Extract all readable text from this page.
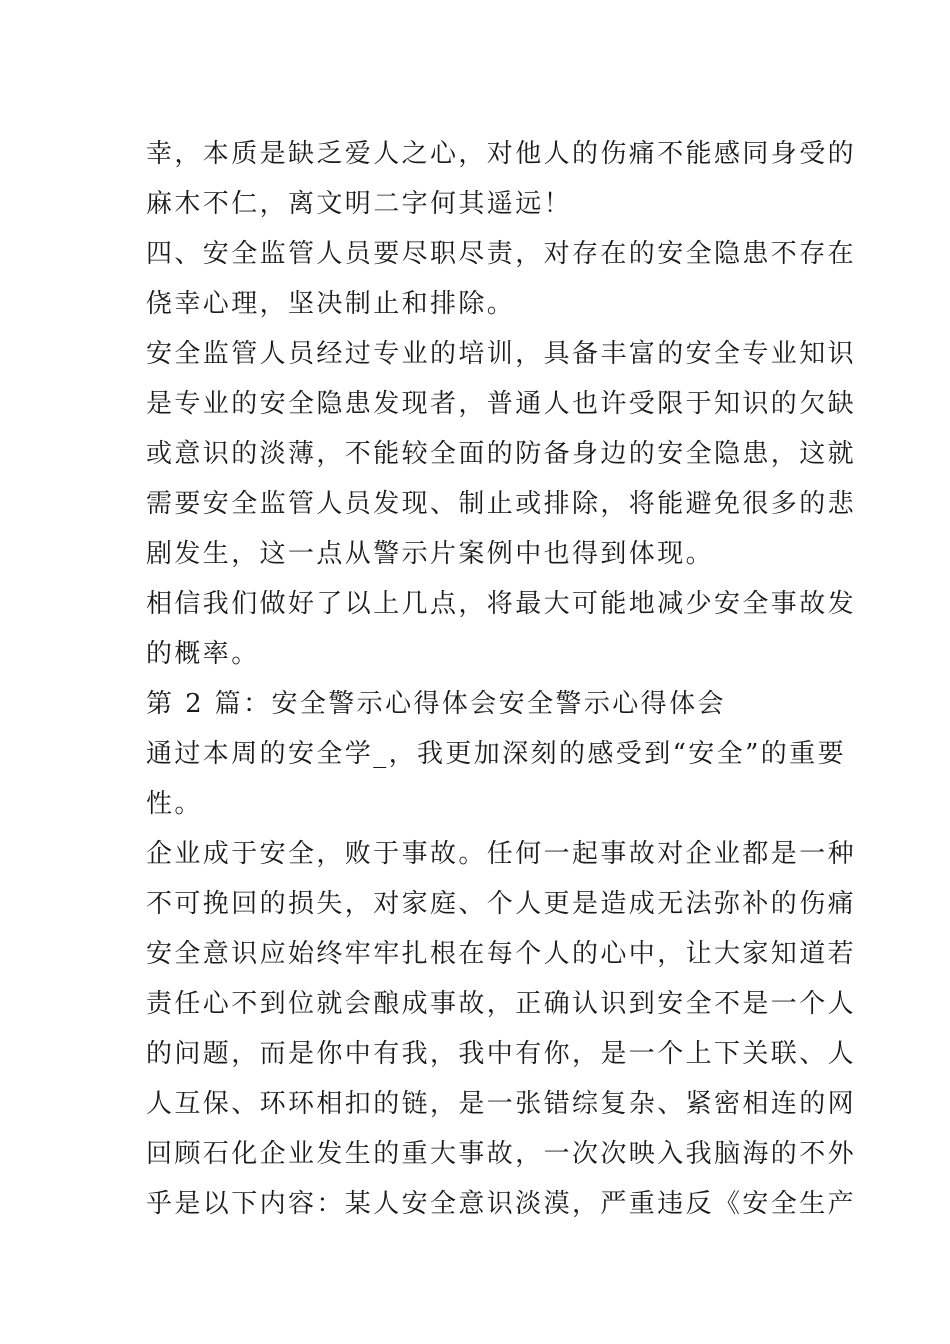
幸，本质是缺乏爱人之心，对他人的伤痛不能感同身受的
麻木不仁，离文明二字何其遥远！
四、安全监管人员要尽职尽责，对存在的安全隐患不存在
侥幸心理，坚决制止和排除。
安全监管人员经过专业的培训，具备丰富的安全专业知识
是专业的安全隐患发现者，普通人也许受限于知识的欠缺
或意识的淡薄，不能较全面的防备身边的安全隐患，这就
需要安全监管人员发现、制止或排除，将能避免很多的悲
剧发生，这一点从警示片案例中也得到体现。
相信我们做好了以上几点，将最大可能地减少安全事故发
的概率。
第 2 篇：安全警示心得体会安全警示心得体会
通过本周的安全学_，我更加深刻的感受到“安全”的重要
性。
企业成于安全，败于事故。任何一起事故对企业都是一种
不可挽回的损失，对家庭、个人更是造成无法弥补的伤痛
安全意识应始终牢牢扎根在每个人的心中，让大家知道若
责任心不到位就会酿成事故，正确认识到安全不是一个人
的问题，而是你中有我，我中有你，是一个上下关联、人
人互保、环环相扣的链，是一张错综复杂、紧密相连的网
回顾石化企业发生的重大事故，一次次映入我脑海的不外
乎是以下内容：某人安全意识淡漠，严重违反《安全生产
